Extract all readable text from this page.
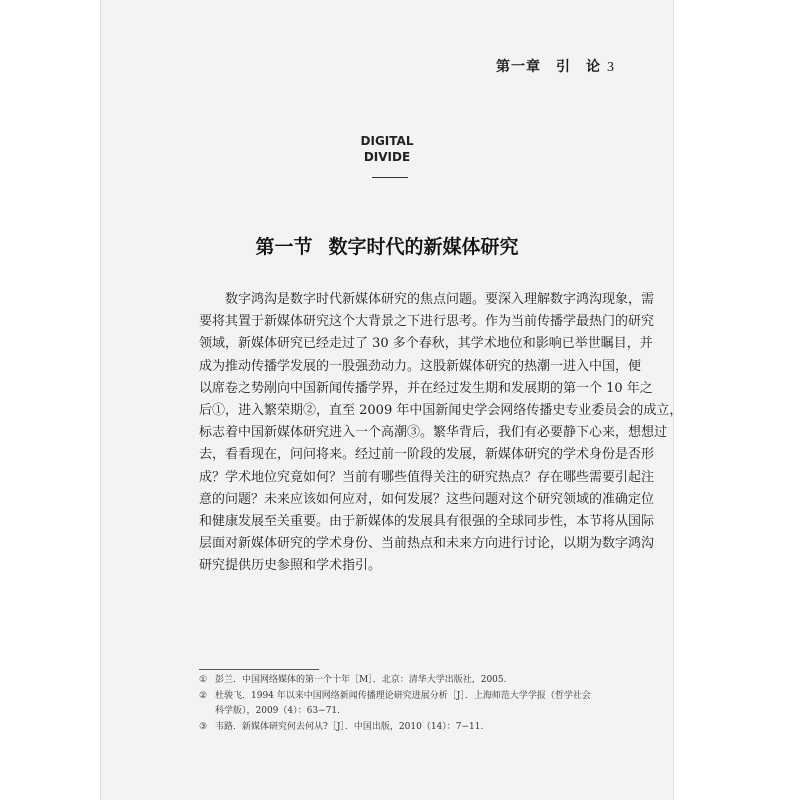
第一章　引　论 3
DIGITAL
DIVIDE
第一节 数字时代的新媒体研究
数字鸿沟是数字时代新媒体研究的焦点问题。要深入理解数字鸿沟现象，需
要将其置于新媒体研究这个大背景之下进行思考。作为当前传播学最热门的研究
领域，新媒体研究已经走过了 30 多个春秋，其学术地位和影响已举世瞩目，并
成为推动传播学发展的一股强劲动力。这股新媒体研究的热潮一进入中国，便
以席卷之势剐向中国新闻传播学界，并在经过发生期和发展期的第一个 10 年之
后①，进入繁荣期②，直至 2009 年中国新闻史学会网络传播史专业委员会的成立，
标志着中国新媒体研究进入一个高潮③。繁华背后，我们有必要静下心来，想想过
去，看看现在，问问将来。经过前一阶段的发展，新媒体研究的学术身份是否形
成？学术地位究竟如何？当前有哪些值得关注的研究热点？存在哪些需要引起注
意的问题？未来应该如何应对，如何发展？这些问题对这个研究领域的准确定位
和健康发展至关重要。由于新媒体的发展具有很强的全球同步性，本节将从国际
层面对新媒体研究的学术身份、当前热点和未来方向进行讨论，以期为数字鸿沟
研究提供历史参照和学术指引。
① 彭兰．中国网络媒体的第一个十年［M］．北京：清华大学出版社，2005.
② 杜骏飞．1994 年以来中国网络新闻传播理论研究进展分析［J］．上海师范大学学报（哲学社会
科学版），2009（4）：63−71.
③ 韦路．新媒体研究何去何从?［J］．中国出版，2010（14）：7−11.
